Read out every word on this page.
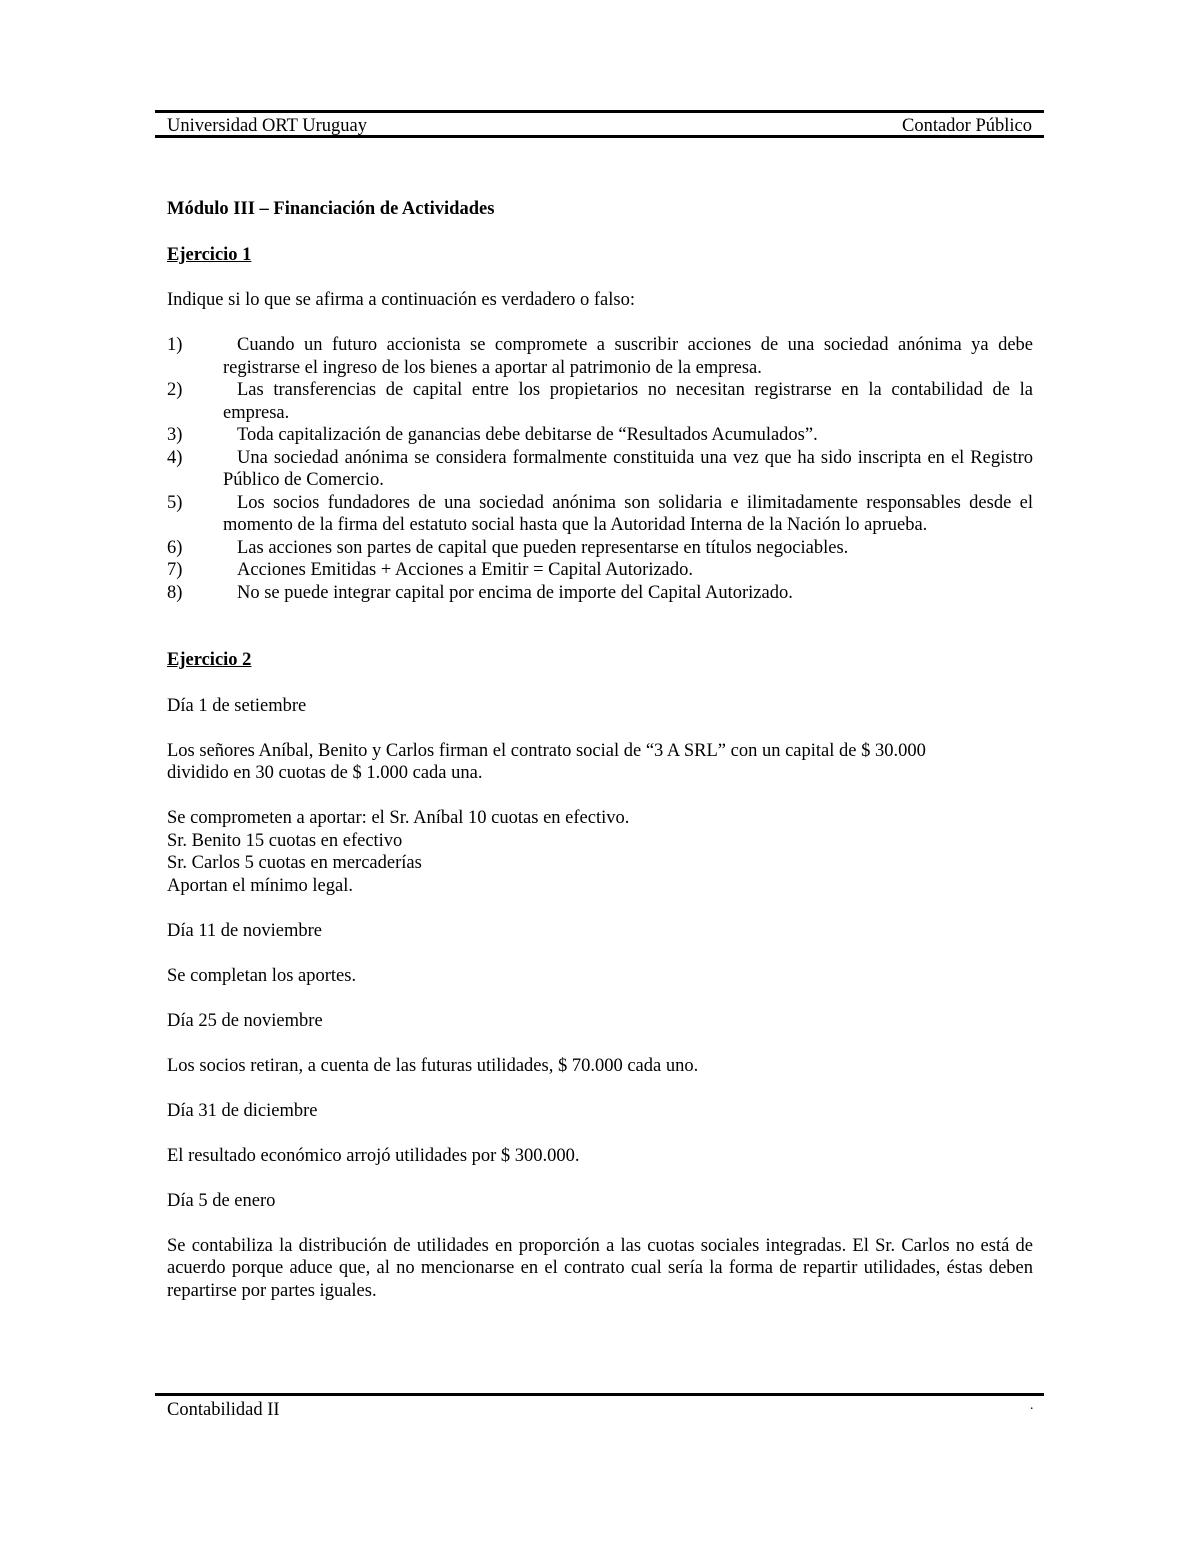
Universidad ORT Uruguay	Contador Público

Módulo III – Financiación de Actividades

Ejercicio 1

Indique si lo que se afirma a continuación es verdadero o falso:

1)	Cuando un futuro accionista se compromete a suscribir acciones de una sociedad anónima ya debe registrarse el ingreso de los bienes a aportar al patrimonio de la empresa.
2)	Las transferencias de capital entre los propietarios no necesitan registrarse en la contabilidad de la empresa.
3)	Toda capitalización de ganancias debe debitarse de “Resultados Acumulados”.
4)	Una sociedad anónima se considera formalmente constituida una vez que ha sido inscripta en el Registro Público de Comercio.
5)	Los socios fundadores de una sociedad anónima son solidaria e ilimitadamente responsables desde el momento de la firma del estatuto social hasta que la Autoridad Interna de la Nación lo aprueba.
6)	Las acciones son partes de capital que pueden representarse en títulos negociables.
7)	Acciones Emitidas + Acciones a Emitir = Capital Autorizado.
8)	No se puede integrar capital por encima de importe del Capital Autorizado.

Ejercicio 2

Día 1 de setiembre

Los señores Aníbal, Benito y Carlos firman el contrato social de “3 A SRL” con un capital de $ 30.000

dividido en 30 cuotas de $ 1.000 cada una.

Se comprometen a aportar: el Sr. Aníbal 10 cuotas en efectivo.

Sr. Benito 15 cuotas en efectivo

Sr. Carlos 5 cuotas en mercaderías

Aportan el mínimo legal.

Día 11 de noviembre

Se completan los aportes.

Día 25 de noviembre

Los socios retiran, a cuenta de las futuras utilidades, $ 70.000 cada uno.

Día 31 de diciembre

El resultado económico arrojó utilidades por $ 300.000.

Día 5 de enero

Se contabiliza la distribución de utilidades en proporción a las cuotas sociales integradas. El Sr. Carlos no está de acuerdo porque aduce que, al no mencionarse en el contrato cual sería la forma de repartir utilidades, éstas deben repartirse por partes iguales.

Contabilidad II	·
